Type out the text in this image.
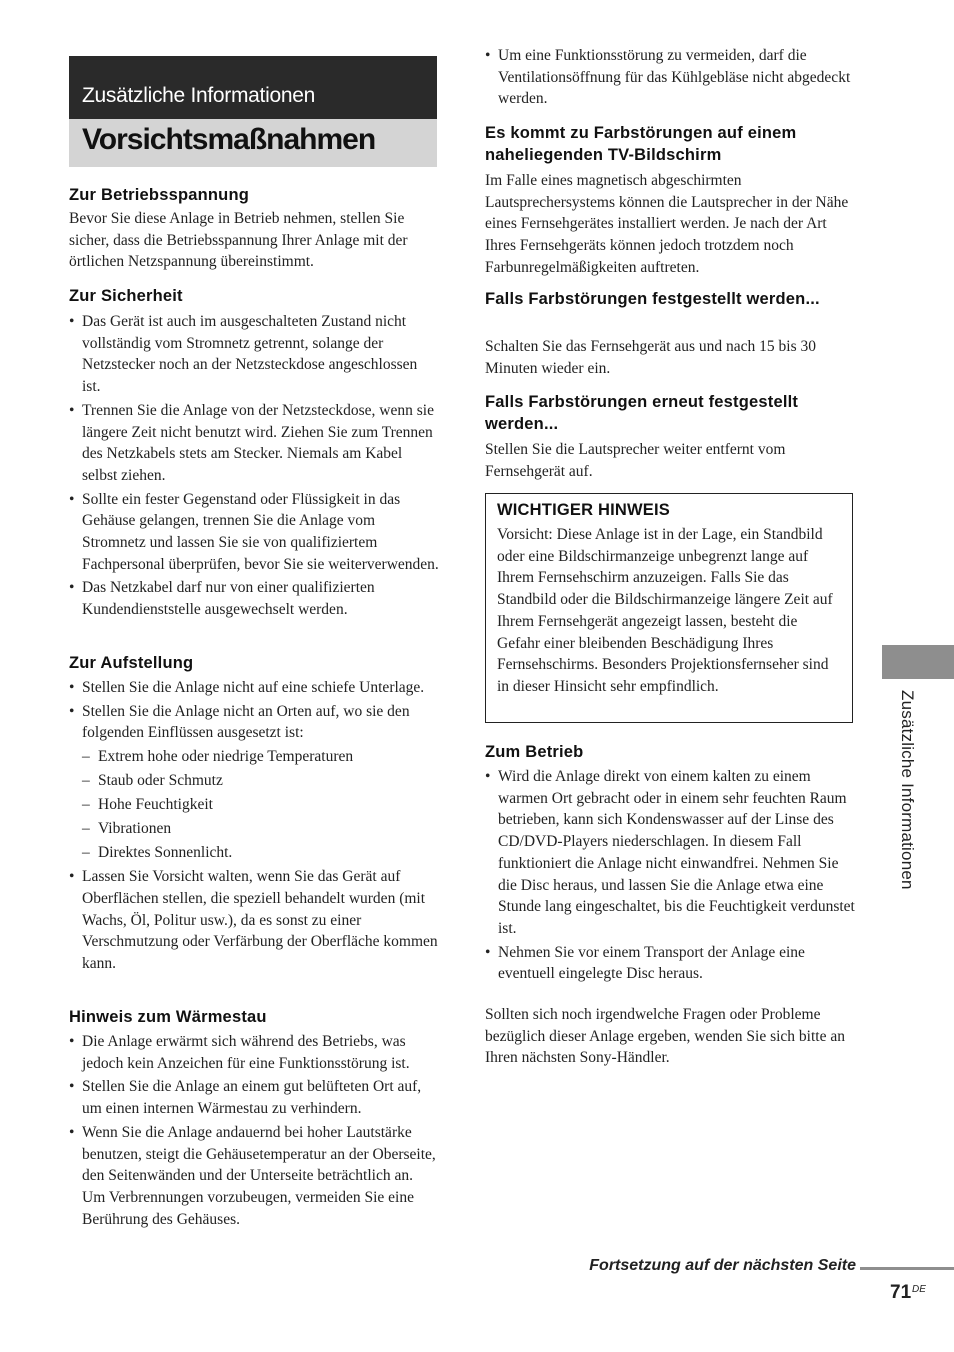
Zusätzliche Informationen
Vorsichtsmaßnahmen
Zur Betriebsspannung

Bevor Sie diese Anlage in Betrieb nehmen, stellen Sie sicher, dass die Betriebsspannung Ihrer Anlage mit der örtlichen Netzspannung übereinstimmt.

Zur Sicherheit
• Das Gerät ist auch im ausgeschalteten Zustand nicht vollständig vom Stromnetz getrennt, solange der Netzstecker noch an der Netzsteckdose angeschlossen ist.
• Trennen Sie die Anlage von der Netzsteckdose, wenn sie längere Zeit nicht benutzt wird. Ziehen Sie zum Trennen des Netzkabels stets am Stecker. Niemals am Kabel selbst ziehen.
• Sollte ein fester Gegenstand oder Flüssigkeit in das Gehäuse gelangen, trennen Sie die Anlage vom Stromnetz und lassen Sie sie von qualifiziertem Fachpersonal überprüfen, bevor Sie sie weiterverwenden.
• Das Netzkabel darf nur von einer qualifizierten Kundendienststelle ausgewechselt werden.
Zur Aufstellung
• Stellen Sie die Anlage nicht auf eine schiefe Unterlage.
• Stellen Sie die Anlage nicht an Orten auf, wo sie den folgenden Einflüssen ausgesetzt ist:
– Extrem hohe oder niedrige Temperaturen
– Staub oder Schmutz
– Hohe Feuchtigkeit
– Vibrationen
– Direktes Sonnenlicht.
• Lassen Sie Vorsicht walten, wenn Sie das Gerät auf Oberflächen stellen, die speziell behandelt wurden (mit Wachs, Öl, Politur usw.), da es sonst zu einer Verschmutzung oder Verfärbung der Oberfläche kommen kann.
Hinweis zum Wärmestau
• Die Anlage erwärmt sich während des Betriebs, was jedoch kein Anzeichen für eine Funktionsstörung ist.
• Stellen Sie die Anlage an einem gut belüfteten Ort auf, um einen internen Wärmestau zu verhindern.
• Wenn Sie die Anlage andauernd bei hoher Lautstärke benutzen, steigt die Gehäusetemperatur an der Oberseite, den Seitenwänden und der Unterseite beträchtlich an. Um Verbrennungen vorzubeugen, vermeiden Sie eine Berührung des Gehäuses.
• Um eine Funktionsstörung zu vermeiden, darf die Ventilationsöffnung für das Kühlgebläse nicht abgedeckt werden.
Es kommt zu Farbstörungen auf einem naheliegenden TV-Bildschirm

Im Falle eines magnetisch abgeschirmten Lautsprechersystems können die Lautsprecher in der Nähe eines Fernsehgerätes installiert werden. Je nach der Art Ihres Fernsehgeräts können jedoch trotzdem noch Farbunregelmäßigkeiten auftreten.

Falls Farbstörungen festgestellt werden...

Schalten Sie das Fernsehgerät aus und nach 15 bis 30 Minuten wieder ein.

Falls Farbstörungen erneut festgestellt werden...

Stellen Sie die Lautsprecher weiter entfernt vom Fernsehgerät auf.

Zum Betrieb
• Wird die Anlage direkt von einem kalten zu einem warmen Ort gebracht oder in einem sehr feuchten Raum betrieben, kann sich Kondenswasser auf der Linse des CD/DVD-Players niederschlagen. In diesem Fall funktioniert die Anlage nicht einwandfrei. Nehmen Sie die Disc heraus, und lassen Sie die Anlage etwa eine Stunde lang eingeschaltet, bis die Feuchtigkeit verdunstet ist.
• Nehmen Sie vor einem Transport der Anlage eine eventuell eingelegte Disc heraus.

Sollten sich noch irgendwelche Fragen oder Probleme bezüglich dieser Anlage ergeben, wenden Sie sich bitte an Ihren nächsten Sony-Händler.

WICHTIGER HINWEIS

Vorsicht: Diese Anlage ist in der Lage, ein Standbild oder eine Bildschirmanzeige unbegrenzt lange auf Ihrem Fernsehschirm anzuzeigen. Falls Sie das Standbild oder die Bildschirmanzeige längere Zeit auf Ihrem Fernsehgerät angezeigt lassen, besteht die Gefahr einer bleibenden Beschädigung Ihres Fernsehschirms. Besonders Projektionsfernseher sind in dieser Hinsicht sehr empfindlich.

Zusätzliche Informationen
Fortsetzung auf der nächsten Seite
71 DE
